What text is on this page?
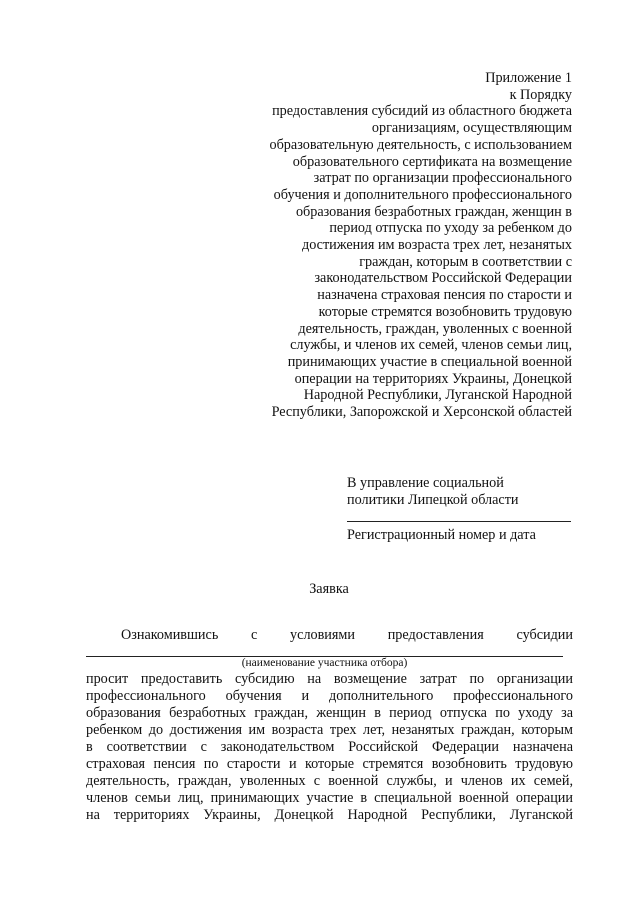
Приложение 1
к Порядку
предоставления субсидий из областного бюджета
организациям, осуществляющим
образовательную деятельность, с использованием
образовательного сертификата на возмещение
затрат по организации профессионального
обучения и дополнительного профессионального
образования безработных граждан, женщин в
период отпуска по уходу за ребенком до
достижения им возраста трех лет, незанятых
граждан, которым в соответствии с
законодательством Российской Федерации
назначена страховая пенсия по старости и
которые стремятся возобновить трудовую
деятельность, граждан, уволенных с военной
службы, и членов их семей, членов семьи лиц,
принимающих участие в специальной военной
операции на территориях Украины, Донецкой
Народной Республики, Луганской Народной
Республики, Запорожской и Херсонской областей
В управление социальной
политики Липецкой области
Регистрационный номер и дата
Заявка
Ознакомившись с условиями предоставления субсидии
(наименование участника отбора)
просит предоставить субсидию на возмещение затрат по организации
профессионального обучения и дополнительного профессионального
образования безработных граждан, женщин в период отпуска по уходу за
ребенком до достижения им возраста трех лет, незанятых граждан, которым
в соответствии с законодательством Российской Федерации назначена
страховая пенсия по старости и которые стремятся возобновить трудовую
деятельность, граждан, уволенных с военной службы, и членов их семей,
членов семьи лиц, принимающих участие в специальной военной операции
на территориях Украины, Донецкой Народной Республики, Луганской
